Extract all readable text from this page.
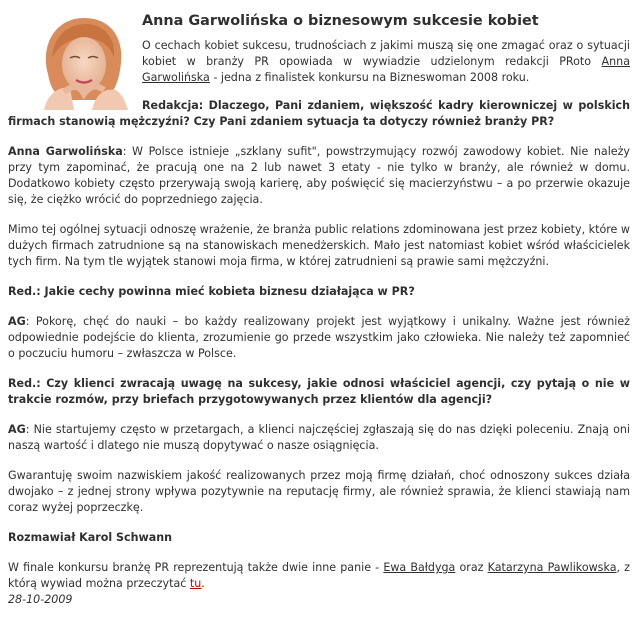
Anna Garwolińska o biznesowym sukcesie kobiet

O cechach kobiet sukcesu, trudnościach z jakimi muszą się one zmagać oraz o sytuacji kobiet w branży PR opowiada w wywiadzie udzielonym redakcji PRoto Anna Garwolińska - jedna z finalistek konkursu na Bizneswoman 2008 roku.

Redakcja: Dlaczego, Pani zdaniem, większość kadry kierowniczej w polskich firmach stanowią mężczyźni? Czy Pani zdaniem sytuacja ta dotyczy również branży PR?

Anna Garwolińska: W Polsce istnieje „szklany sufit", powstrzymujący rozwój zawodowy kobiet. Nie należy przy tym zapominać, że pracują one na 2 lub nawet 3 etaty - nie tylko w branży, ale również w domu. Dodatkowo kobiety często przerywają swoją karierę, aby poświęcić się macierzyństwu – a po przerwie okazuje się, że ciężko wrócić do poprzedniego zajęcia.

Mimo tej ogólnej sytuacji odnoszę wrażenie, że branża public relations zdominowana jest przez kobiety, które w dużych firmach zatrudnione są na stanowiskach menedżerskich. Mało jest natomiast kobiet wśród właścicielek tych firm. Na tym tle wyjątek stanowi moja firma, w której zatrudnieni są prawie sami mężczyźni.

Red.: Jakie cechy powinna mieć kobieta biznesu działająca w PR?

AG: Pokorę, chęć do nauki – bo każdy realizowany projekt jest wyjątkowy i unikalny. Ważne jest również odpowiednie podejście do klienta, zrozumienie go przede wszystkim jako człowieka. Nie należy też zapomnieć o poczuciu humoru – zwłaszcza w Polsce.

Red.: Czy klienci zwracają uwagę na sukcesy, jakie odnosi właściciel agencji, czy pytają o nie w trakcie rozmów, przy briefach przygotowywanych przez klientów dla agencji?

AG: Nie startujemy często w przetargach, a klienci najczęściej zgłaszają się do nas dzięki poleceniu. Znają oni naszą wartość i dlatego nie muszą dopytywać o nasze osiągnięcia.

Gwarantuję swoim nazwiskiem jakość realizowanych przez moją firmę działań, choć odnoszony sukces działa dwojako – z jednej strony wpływa pozytywnie na reputację firmy, ale również sprawia, że klienci stawiają nam coraz wyżej poprzeczkę.

Rozmawiał Karol Schwann

W finale konkursu branżę PR reprezentują także dwie inne panie - Ewa Bałdyga oraz Katarzyna Pawlikowska, z którą wywiad można przeczytać tu.

28-10-2009
